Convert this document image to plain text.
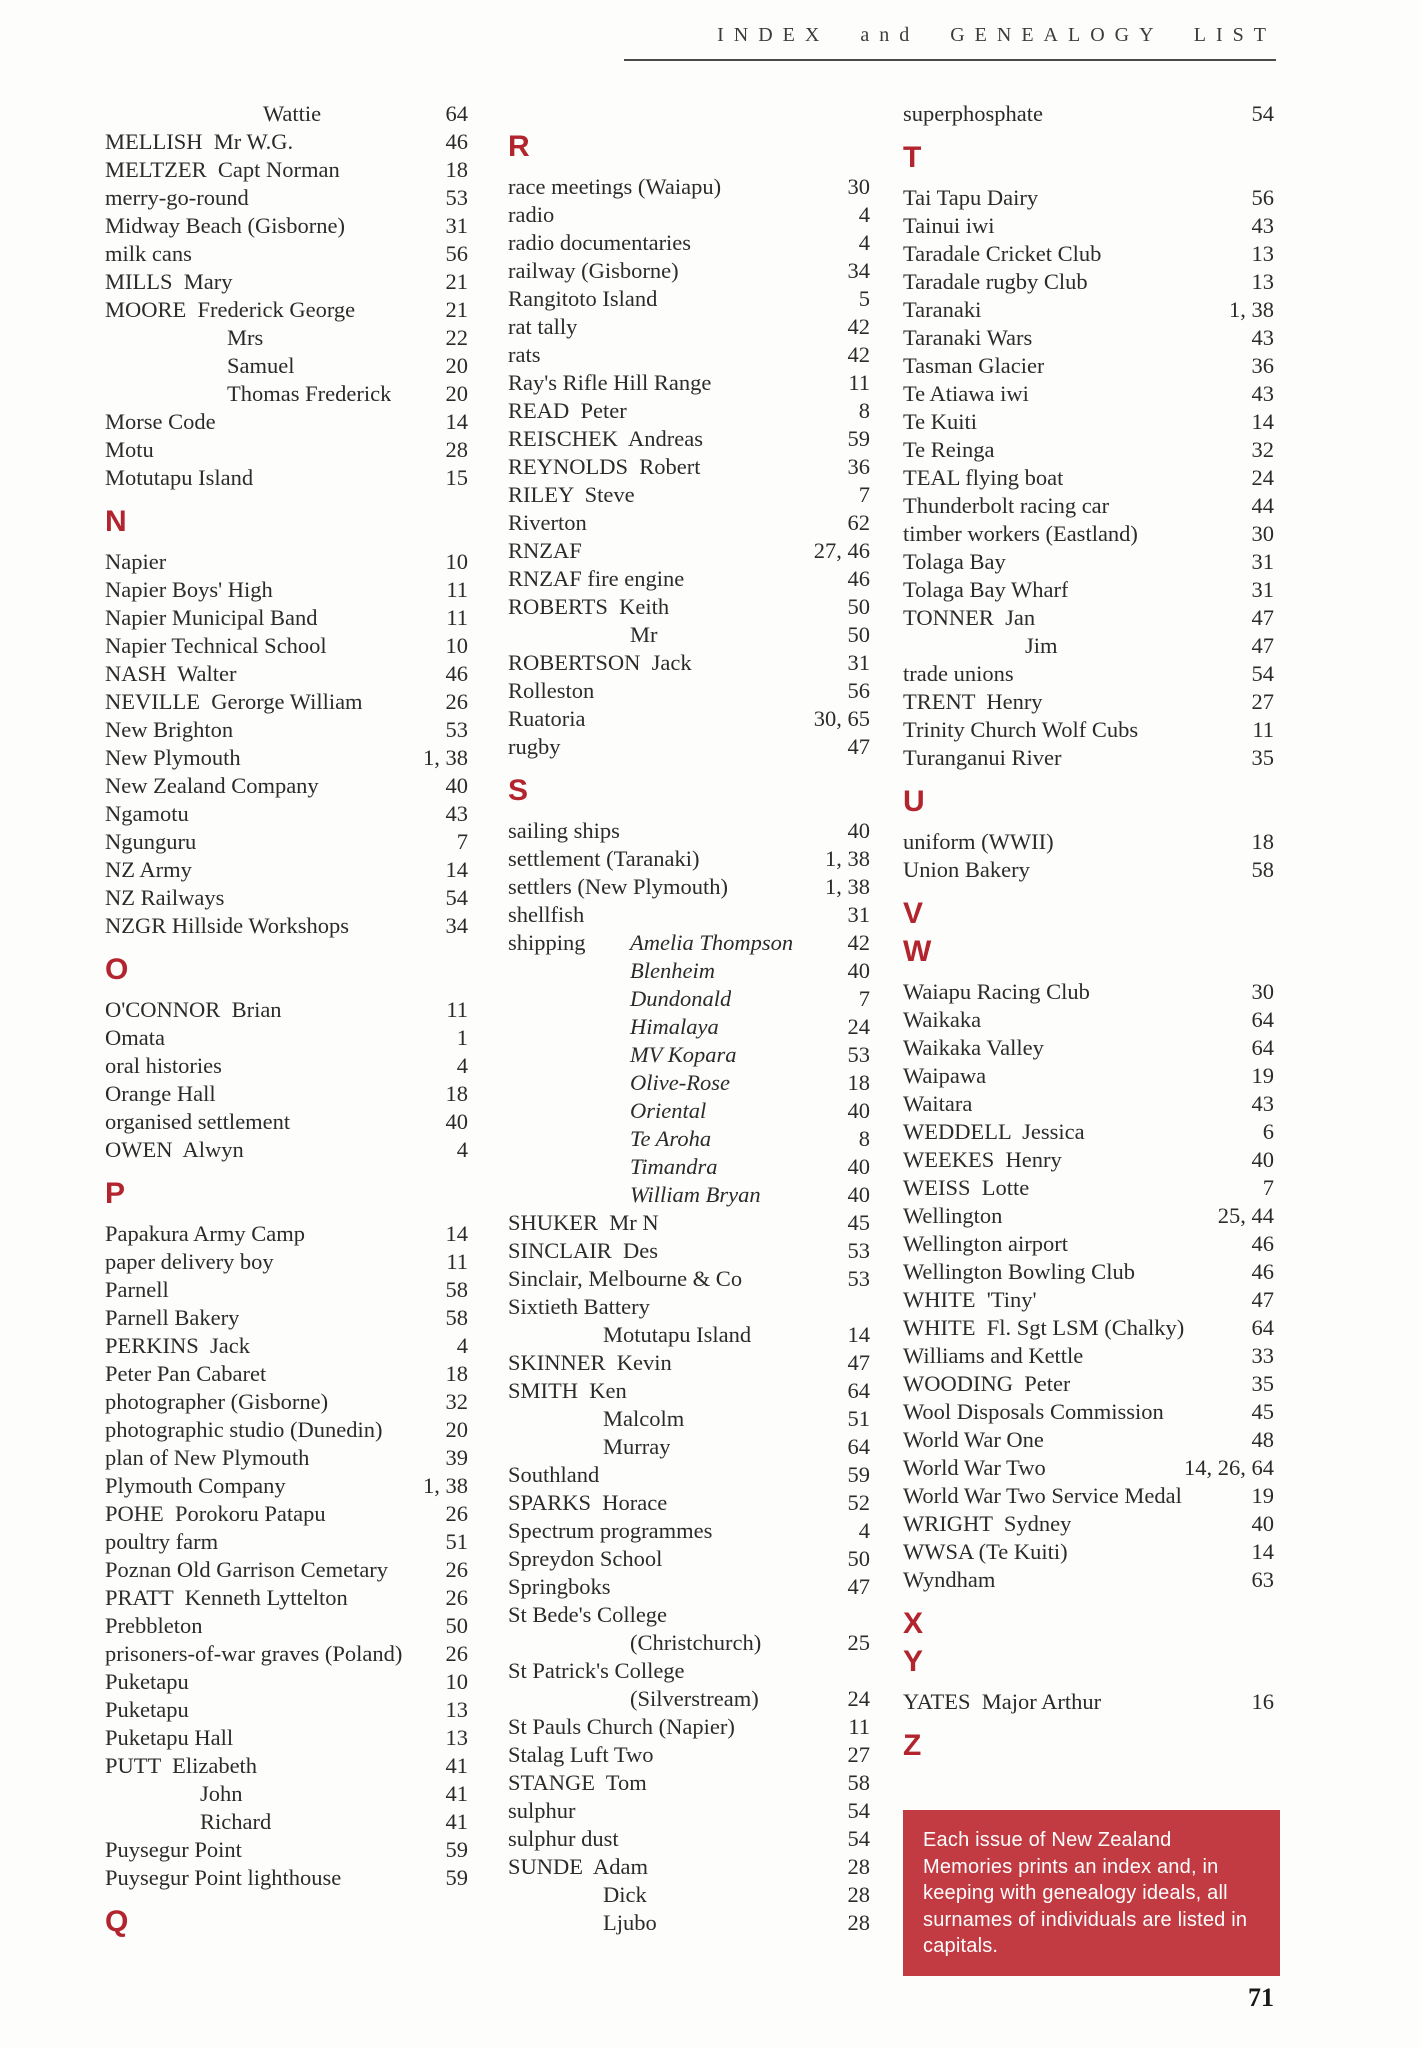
INDEX and GENEALOGY LIST
Wattie	64
MELLISH  Mr W.G.	46
MELTZER  Capt Norman	18
merry-go-round	53
Midway Beach (Gisborne)	31
milk cans	56
MILLS  Mary	21
MOORE  Frederick George	21
Mrs	22
Samuel	20
Thomas Frederick 20
Morse Code	14
Motu	28
Motutapu Island	15
N
Napier	10
Napier Boys' High	11
Napier Municipal Band	11
Napier Technical School	10
NASH  Walter	46
NEVILLE  Gerorge William	26
New Brighton	53
New Plymouth	1, 38
New Zealand Company	40
Ngamotu	43
Ngunguru	7
NZ Army	14
NZ Railways	54
NZGR Hillside Workshops	34
O
O'CONNOR  Brian	11
Omata	1
oral histories	4
Orange Hall	18
organised settlement	40
OWEN  Alwyn	4
P
Papakura Army Camp	14
paper delivery boy	11
Parnell	58
Parnell Bakery	58
PERKINS  Jack	4
Peter Pan Cabaret	18
photographer (Gisborne)	32
photographic studio (Dunedin)	20
plan of New Plymouth	39
Plymouth Company	1, 38
POHE  Porokoru Patapu	26
poultry farm	51
Poznan Old Garrison Cemetary	26
PRATT  Kenneth Lyttelton	26
Prebbleton	50
prisoners-of-war graves (Poland) 26
Puketapu	10
Puketapu	13
Puketapu Hall	13
PUTT  Elizabeth	41
John	41
Richard	41
Puysegur Point	59
Puysegur Point lighthouse	59
Q
R
race meetings (Waiapu)	30
radio	4
radio documentaries	4
railway (Gisborne)	34
Rangitoto Island	5
rat tally	42
rats	42
Ray's Rifle Hill Range	11
READ  Peter	8
REISCHEK  Andreas	59
REYNOLDS  Robert	36
RILEY  Steve	7
Riverton	62
RNZAF	27, 46
RNZAF fire engine	46
ROBERTS  Keith	50
Mr	50
ROBERTSON  Jack	31
Rolleston	56
Ruatoria	30, 65
rugby	47
S
sailing ships	40
settlement (Taranaki)	1, 38
settlers (New Plymouth)	1, 38
shellfish	31
shipping Amelia Thompson 42
Blenheim	40
Dundonald	7
Himalaya	24
MV Kopara	53
Olive-Rose	18
Oriental	40
Te Aroha	8
Timandra	40
William Bryan	40
SHUKER  Mr N	45
SINCLAIR  Des	53
Sinclair, Melbourne & Co	53
Sixtieth Battery
Motutapu Island	14
SKINNER  Kevin	47
SMITH  Ken	64
Malcolm	51
Murray	64
Southland	59
SPARKS  Horace	52
Spectrum programmes	4
Spreydon School	50
Springboks	47
St Bede's College
(Christchurch)	25
St Patrick's College
(Silverstream)	24
St Pauls Church (Napier)	11
Stalag Luft Two	27
STANGE  Tom	58
sulphur	54
sulphur dust	54
SUNDE  Adam	28
Dick	28
Ljubo	28
superphosphate	54
T
Tai Tapu Dairy	56
Tainui iwi	43
Taradale Cricket Club	13
Taradale rugby Club	13
Taranaki	1, 38
Taranaki Wars	43
Tasman Glacier	36
Te Atiawa iwi	43
Te Kuiti	14
Te Reinga	32
TEAL flying boat	24
Thunderbolt racing car	44
timber workers (Eastland)	30
Tolaga Bay	31
Tolaga Bay Wharf	31
TONNER  Jan	47
Jim	47
trade unions	54
TRENT  Henry	27
Trinity Church Wolf Cubs	11
Turanganui River	35
U
uniform (WWII)	18
Union Bakery	58
V
W
Waiapu Racing Club	30
Waikaka	64
Waikaka Valley	64
Waipawa	19
Waitara	43
WEDDELL  Jessica	6
WEEKES  Henry	40
WEISS  Lotte	7
Wellington	25, 44
Wellington airport	46
Wellington Bowling Club	46
WHITE  'Tiny'	47
WHITE  Fl. Sgt LSM (Chalky)	64
Williams and Kettle	33
WOODING  Peter	35
Wool Disposals Commission	45
World War One	48
World War Two	14, 26, 64
World War Two Service Medal	19
WRIGHT  Sydney	40
WWSA (Te Kuiti)	14
Wyndham	63
X
Y
YATES  Major Arthur	16
Z
Each issue of New Zealand Memories prints an index and, in keeping with genealogy ideals, all surnames of individuals are listed in capitals.
71
